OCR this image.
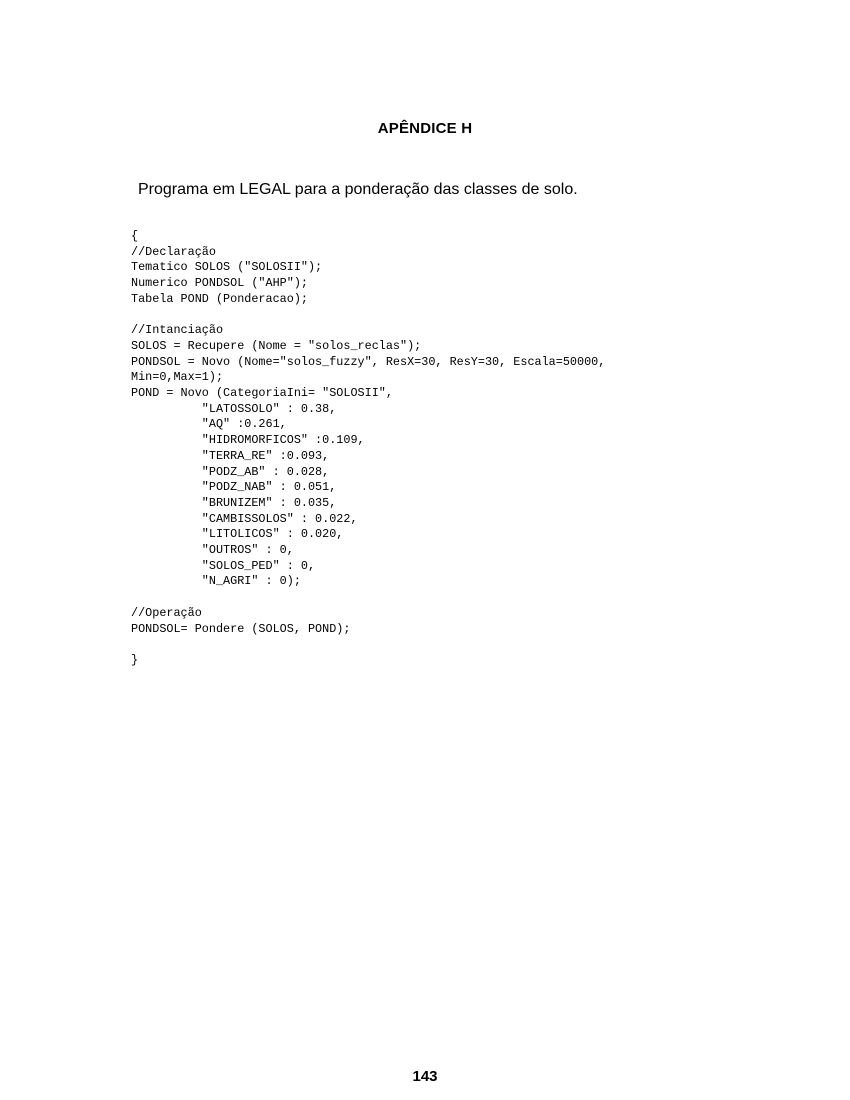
APÊNDICE H
Programa em LEGAL para a ponderação das classes de solo.
{
//Declaração
Tematico SOLOS ("SOLOSII");
Numerico PONDSOL ("AHP");
Tabela POND (Ponderacao);
//Intanciação
SOLOS = Recupere (Nome = "solos_reclas");
PONDSOL = Novo (Nome="solos_fuzzy", ResX=30, ResY=30, Escala=50000,
Min=0,Max=1);
POND = Novo (CategoriaIni= "SOLOSII",
"LATOSSOLO" : 0.38,
"AQ" :0.261,
"HIDROMORFICOS" :0.109,
"TERRA_RE" :0.093,
"PODZ_AB" : 0.028,
"PODZ_NAB" : 0.051,
"BRUNIZEM" : 0.035,
"CAMBISSOLOS" : 0.022,
"LITOLICOS" : 0.020,
"OUTROS" : 0,
"SOLOS_PED" : 0,
"N_AGRI" : 0);
//Operação
PONDSOL= Pondere (SOLOS, POND);
}
143
